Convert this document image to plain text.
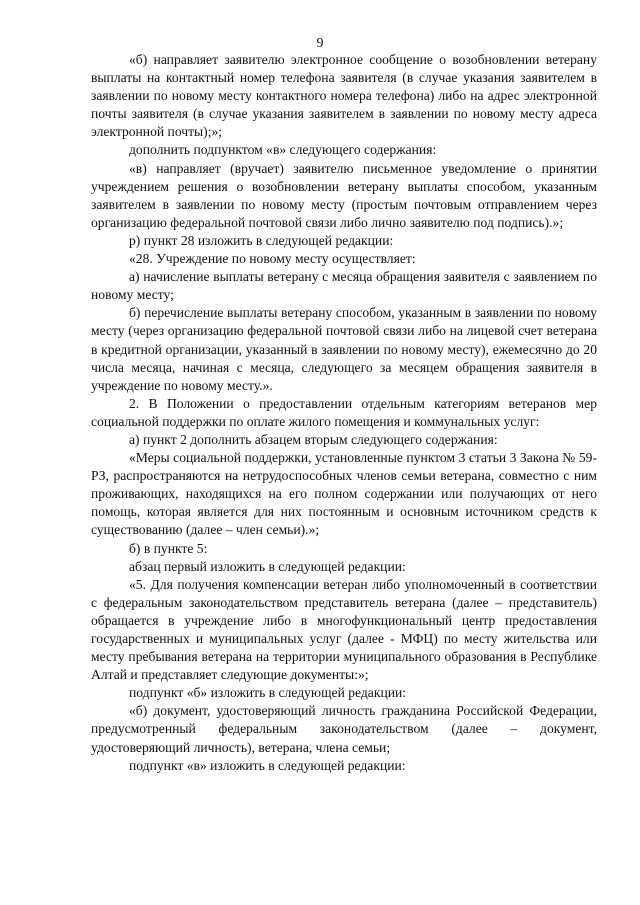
9

«б) направляет заявителю электронное сообщение о возобновлении ветерану выплаты на контактный номер телефона заявителя (в случае указания заявителем в заявлении по новому месту контактного номера телефона) либо на адрес электронной почты заявителя (в случае указания заявителем в заявлении по новому месту адреса электронной почты);»;

дополнить подпунктом «в» следующего содержания:

«в) направляет (вручает) заявителю письменное уведомление о принятии учреждением решения о возобновлении ветерану выплаты способом, указанным заявителем в заявлении по новому месту (простым почтовым отправлением через организацию федеральной почтовой связи либо лично заявителю под подпись).»;

р) пункт 28 изложить в следующей редакции:

«28. Учреждение по новому месту осуществляет:

а) начисление выплаты ветерану с месяца обращения заявителя с заявлением по новому месту;

б) перечисление выплаты ветерану способом, указанным в заявлении по новому месту (через организацию федеральной почтовой связи либо на лицевой счет ветерана в кредитной организации, указанный в заявлении по новому месту), ежемесячно до 20 числа месяца, начиная с месяца, следующего за месяцем обращения заявителя в учреждение по новому месту.».

2. В Положении о предоставлении отдельным категориям ветеранов мер социальной поддержки по оплате жилого помещения и коммунальных услуг:

а) пункт 2 дополнить абзацем вторым следующего содержания:

«Меры социальной поддержки, установленные пунктом 3 статьи 3 Закона № 59-РЗ, распространяются на нетрудоспособных членов семьи ветерана, совместно с ним проживающих, находящихся на его полном содержании или получающих от него помощь, которая является для них постоянным и основным источником средств к существованию (далее – член семьи).»;

б) в пункте 5:

абзац первый изложить в следующей редакции:

«5. Для получения компенсации ветеран либо уполномоченный в соответствии с федеральным законодательством представитель ветерана (далее – представитель) обращается в учреждение либо в многофункциональный центр предоставления государственных и муниципальных услуг (далее - МФЦ) по месту жительства или месту пребывания ветерана на территории муниципального образования в Республике Алтай и представляет следующие документы:»;

подпункт «б» изложить в следующей редакции:

«б) документ, удостоверяющий личность гражданина Российской Федерации, предусмотренный федеральным законодательством (далее – документ, удостоверяющий личность), ветерана, члена семьи;

подпункт «в» изложить в следующей редакции:
